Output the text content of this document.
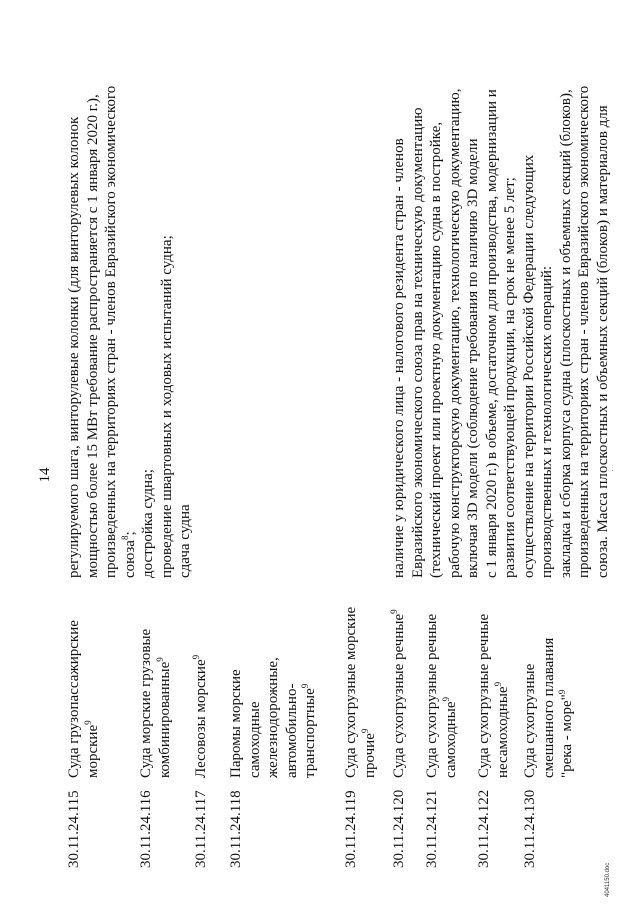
14
30.11.24.115
Суда грузопассажирские морские$^9$
регулируемого шага, винторулевые колонки (для винторулевых колонок мощностью более 15 МВт требование распространяется с 1 января 2020 г.), произведенных на территориях стран - членов Евразийского экономического союза$^8$; достройка судна; проведение швартовных и ходовых испытаний судна; сдача судна
30.11.24.116
Суда морские грузовые комбинированные$^9$
30.11.24.117
Лесовозы морские$^9$
30.11.24.118
Паромы морские самоходные железнодорожные, автомобильно- транспортные$^9$
30.11.24.119
Суда сухогрузные морские прочие$^9$
30.11.24.120
Суда сухогрузные речные$^9$
наличие у юридического лица - налогового резидента стран - членов Евразийского экономического союза прав на техническую документацию (технический проект или проектную документацию судна в постройке, рабочую конструкторскую документацию, технологическую документацию, включая 3D модели (соблюдение требования по наличию 3D модели с 1 января 2020 г.) в объеме, достаточном для производства, модернизации и развития соответствующей продукции, на срок не менее 5 лет; осуществление на территории Российской Федерации следующих производственных и технологических операций: закладка и сборка корпуса судна (плоскостных и объемных секций (блоков), произведенных на территориях стран - членов Евразийского экономического союза. Масса плоскостных и объемных секций (блоков) и материалов для
30.11.24.121
Суда сухогрузные речные самоходные$^9$
30.11.24.122
Суда сухогрузные речные несамоходные$^9$
30.11.24.130
Суда сухогрузные смешанного плавания "река - море"$^9$
4041150.doc
